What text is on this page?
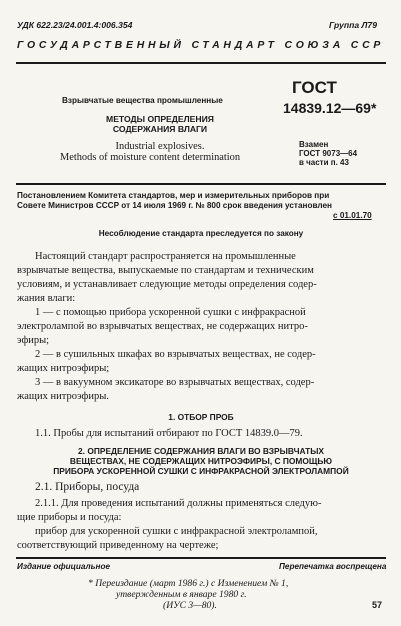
УДК 622.23/24.001.4:006.354	Группа Л79
ГОСУДАРСТВЕННЫЙ СТАНДАРТ СОЮЗА ССР
Взрывчатые вещества промышленные
МЕТОДЫ ОПРЕДЕЛЕНИЯ
СОДЕРЖАНИЯ ВЛАГИ
Industrial explosives.
Methods of moisture content determination
ГОСТ
14839.12—69*
Взамен
ГОСТ 9073—64
в части п. 43
Постановлением Комитета стандартов, мер и измерительных приборов при
Совете Министров СССР от 14 июля 1969 г. № 800 срок введения установлен
с 01.01.70
Несоблюдение стандарта преследуется по закону
Настоящий стандарт распространяется на промышленные
взрывчатые вещества, выпускаемые по стандартам и техническим
условиям, и устанавливает следующие методы определения содер-
жания влаги:
1 — с помощью прибора ускоренной сушки с инфракрасной
электролампой во взрывчатых веществах, не содержащих нитро-
эфиры;
2 — в сушильных шкафах во взрывчатых веществах, не содер-
жащих нитроэфиры;
3 — в вакуумном эксикаторе во взрывчатых веществах, содер-
жащих нитроэфиры.
1. ОТБОР ПРОБ
1.1. Пробы для испытаний отбирают по ГОСТ 14839.0—79.
2. ОПРЕДЕЛЕНИЕ СОДЕРЖАНИЯ ВЛАГИ ВО ВЗРЫВЧАТЫХ
ВЕЩЕСТВАХ, НЕ СОДЕРЖАЩИХ НИТРОЭФИРЫ, С ПОМОЩЬЮ
ПРИБОРА УСКОРЕННОЙ СУШКИ С ИНФРАКРАСНОЙ ЭЛЕКТРОЛАМПОЙ
2.1. Приборы, посуда
2.1.1. Для проведения испытаний должны применяться следую-
щие приборы и посуда:
прибор для ускоренной сушки с инфракрасной электролампой,
соответствующий приведенному на чертеже;
Издание официальное	Перепечатка воспрещена
* Переиздание (март 1986 г.) с Изменением № 1,
утвержденным в январе 1980 г.
(ИУС 3—80).	57
